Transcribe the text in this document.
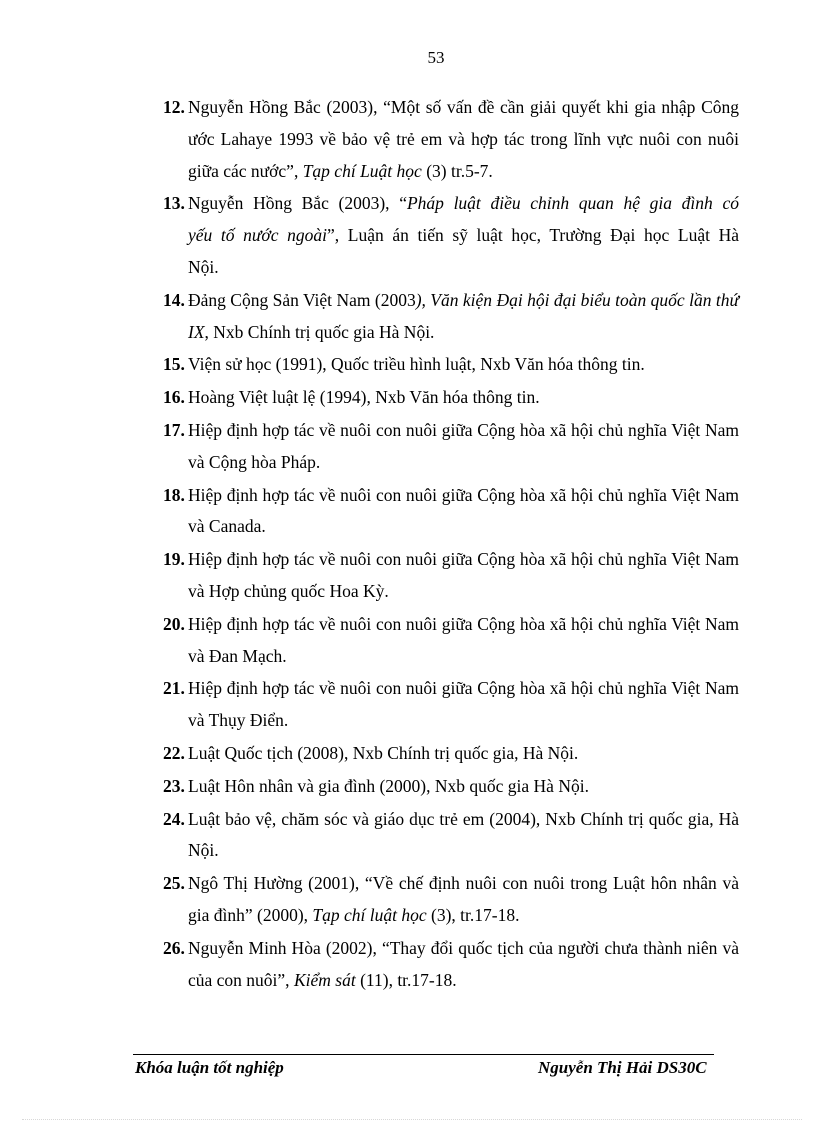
53
12. Nguyễn Hồng Bắc (2003), “Một số vấn đề cần giải quyết khi gia nhập Công ước Lahaye 1993 về bảo vệ trẻ em và hợp tác trong lĩnh vực nuôi con nuôi giữa các nước”, Tạp chí Luật học (3) tr.5-7.
13. Nguyễn Hồng Bắc (2003), “Pháp luật điều chỉnh quan hệ gia đình có yếu tố nước ngoài”, Luận án tiến sỹ luật học, Trường Đại học Luật Hà Nội.
14. Đảng Cộng Sản Việt Nam (2003), Văn kiện Đại hội đại biểu toàn quốc lần thứ IX, Nxb Chính trị quốc gia Hà Nội.
15. Viện sử học (1991), Quốc triều hình luật, Nxb Văn hóa thông tin.
16. Hoàng Việt luật lệ (1994), Nxb Văn hóa thông tin.
17. Hiệp định hợp tác về nuôi con nuôi giữa Cộng hòa xã hội chủ nghĩa Việt Nam và Cộng hòa Pháp.
18. Hiệp định hợp tác về nuôi con nuôi giữa Cộng hòa xã hội chủ nghĩa Việt Nam và Canada.
19. Hiệp định hợp tác về nuôi con nuôi giữa Cộng hòa xã hội chủ nghĩa Việt Nam và Hợp chủng quốc Hoa Kỳ.
20. Hiệp định hợp tác về nuôi con nuôi giữa Cộng hòa xã hội chủ nghĩa Việt Nam và Đan Mạch.
21. Hiệp định hợp tác về nuôi con nuôi giữa Cộng hòa xã hội chủ nghĩa Việt Nam và Thụy Điển.
22. Luật Quốc tịch (2008), Nxb Chính trị quốc gia, Hà Nội.
23. Luật Hôn nhân và gia đình (2000), Nxb quốc gia Hà Nội.
24. Luật bảo vệ, chăm sóc và giáo dục trẻ em (2004), Nxb Chính trị quốc gia, Hà Nội.
25. Ngô Thị Hường (2001), “Về chế định nuôi con nuôi trong Luật hôn nhân và gia đình” (2000), Tạp chí luật học (3), tr.17-18.
26. Nguyễn Minh Hòa (2002), “Thay đổi quốc tịch của người chưa thành niên và của con nuôi”, Kiểm sát (11), tr.17-18.
Khóa luận tốt nghiệp	Nguyễn Thị Hải DS30C
